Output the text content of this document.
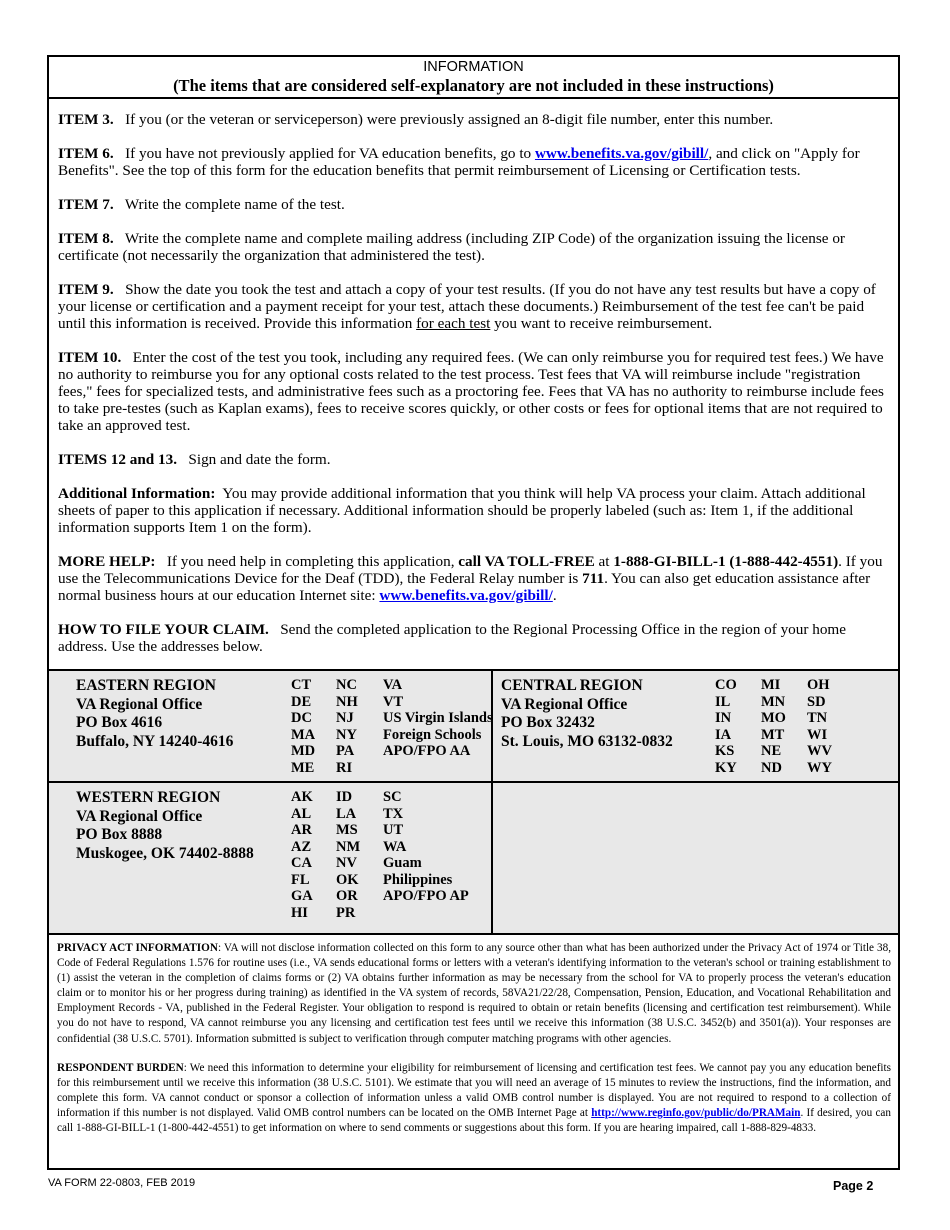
INFORMATION
(The items that are considered self-explanatory are not included in these instructions)

ITEM 3. If you (or the veteran or serviceperson) were previously assigned an 8-digit file number, enter this number.

ITEM 6. If you have not previously applied for VA education benefits, go to www.benefits.va.gov/gibill/, and click on "Apply for Benefits". See the top of this form for the education benefits that permit reimbursement of Licensing or Certification tests.

ITEM 7. Write the complete name of the test.

ITEM 8. Write the complete name and complete mailing address (including ZIP Code) of the organization issuing the license or certificate (not necessarily the organization that administered the test).

ITEM 9. Show the date you took the test and attach a copy of your test results. (If you do not have any test results but have a copy of your license or certification and a payment receipt for your test, attach these documents.) Reimbursement of the test fee can't be paid until this information is received. Provide this information for each test you want to receive reimbursement.

ITEM 10. Enter the cost of the test you took, including any required fees. (We can only reimburse you for required test fees.) We have no authority to reimburse you for any optional costs related to the test process. Test fees that VA will reimburse include "registration fees," fees for specialized tests, and administrative fees such as a proctoring fee. Fees that VA has no authority to reimburse include fees to take pre-testes (such as Kaplan exams), fees to receive scores quickly, or other costs or fees for optional items that are not required to take an approved test.

ITEMS 12 and 13. Sign and date the form.

Additional Information: You may provide additional information that you think will help VA process your claim. Attach additional sheets of paper to this application if necessary. Additional information should be properly labeled (such as: Item 1, if the additional information supports Item 1 on the form).

MORE HELP: If you need help in completing this application, call VA TOLL-FREE at 1-888-GI-BILL-1 (1-888-442-4551). If you use the Telecommunications Device for the Deaf (TDD), the Federal Relay number is 711. You can also get education assistance after normal business hours at our education Internet site: www.benefits.va.gov/gibill/.

HOW TO FILE YOUR CLAIM. Send the completed application to the Regional Processing Office in the region of your home address. Use the addresses below.

EASTERN REGION
VA Regional Office
PO Box 4616
Buffalo, NY 14240-4616
CT
DE
DC
MA
MD
ME
NC
NH
NJ
NY
PA
RI
VA
VT
US Virgin Islands
Foreign Schools
APO/FPO AA
CENTRAL REGION
VA Regional Office
PO Box 32432
St. Louis, MO 63132-0832
CO
IL
IN
IA
KS
KY
MI
MN
MO
MT
NE
ND
OH
SD
TN
WI
WV
WY
WESTERN REGION
VA Regional Office
PO Box 8888
Muskogee, OK 74402-8888
AK
AL
AR
AZ
CA
FL
GA
HI
ID
LA
MS
NM
NV
OK
OR
PR
SC
TX
UT
WA
Guam
Philippines
APO/FPO AP

PRIVACY ACT INFORMATION: VA will not disclose information collected on this form to any source other than what has been authorized under the Privacy Act of 1974 or Title 38, Code of Federal Regulations 1.576 for routine uses (i.e., VA sends educational forms or letters with a veteran's identifying information to the veteran's school or training establishment to (1) assist the veteran in the completion of claims forms or (2) VA obtains further information as may be necessary from the school for VA to properly process the veteran's education claim or to monitor his or her progress during training) as identified in the VA system of records, 58VA21/22/28, Compensation, Pension, Education, and Vocational Rehabilitation and Employment Records - VA, published in the Federal Register. Your obligation to respond is required to obtain or retain benefits (licensing and certification test reimbursement). While you do not have to respond, VA cannot reimburse you any licensing and certification test fees until we receive this information (38 U.S.C. 3452(b) and 3501(a)). Your responses are confidential (38 U.S.C. 5701). Information submitted is subject to verification through computer matching programs with other agencies.

RESPONDENT BURDEN: We need this information to determine your eligibility for reimbursement of licensing and certification test fees. We cannot pay you any education benefits for this reimbursement until we receive this information (38 U.S.C. 5101). We estimate that you will need an average of 15 minutes to review the instructions, find the information, and complete this form. VA cannot conduct or sponsor a collection of information unless a valid OMB control number is displayed. You are not required to respond to a collection of information if this number is not displayed. Valid OMB control numbers can be located on the OMB Internet Page at http://www.reginfo.gov/public/do/PRAMain. If desired, you can call 1-888-GI-BILL-1 (1-800-442-4551) to get information on where to send comments or suggestions about this form. If you are hearing impaired, call 1-888-829-4833.

VA FORM 22-0803, FEB 2019	Page 2
